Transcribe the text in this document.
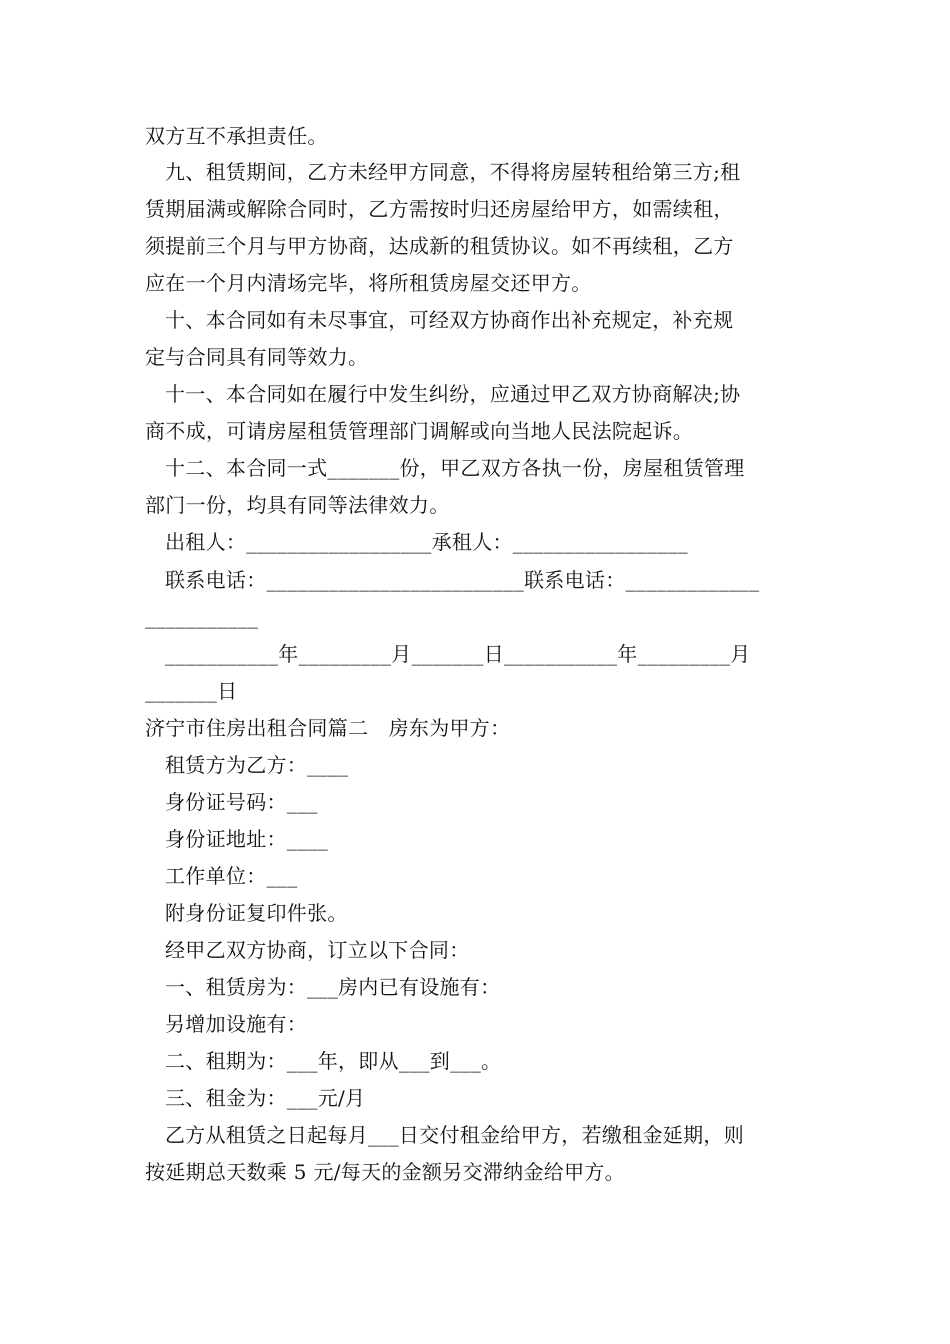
双方互不承担责任。
九、租赁期间，乙方未经甲方同意，不得将房屋转租给第三方;租
赁期届满或解除合同时，乙方需按时归还房屋给甲方，如需续租，
须提前三个月与甲方协商，达成新的租赁协议。如不再续租，乙方
应在一个月内清场完毕，将所租赁房屋交还甲方。
十、本合同如有未尽事宜，可经双方协商作出补充规定，补充规
定与合同具有同等效力。
十一、本合同如在履行中发生纠纷，应通过甲乙双方协商解决;协
商不成，可请房屋租赁管理部门调解或向当地人民法院起诉。
十二、本合同一式_______份，甲乙双方各执一份，房屋租赁管理
部门一份，均具有同等法律效力。
出租人：__________________承租人：_________________
联系电话：_________________________联系电话：_____________
___________
___________年_________月_______日___________年_________月
_______日
济宁市住房出租合同篇二　房东为甲方：
租赁方为乙方：____
身份证号码：___
身份证地址：____
工作单位：___
附身份证复印件张。
经甲乙双方协商，订立以下合同：
一、租赁房为：___房内已有设施有：
另增加设施有：
二、租期为：___年，即从___到___。
三、租金为：___元/月
乙方从租赁之日起每月___日交付租金给甲方，若缴租金延期，则
按延期总天数乘 5 元/每天的金额另交滞纳金给甲方。
